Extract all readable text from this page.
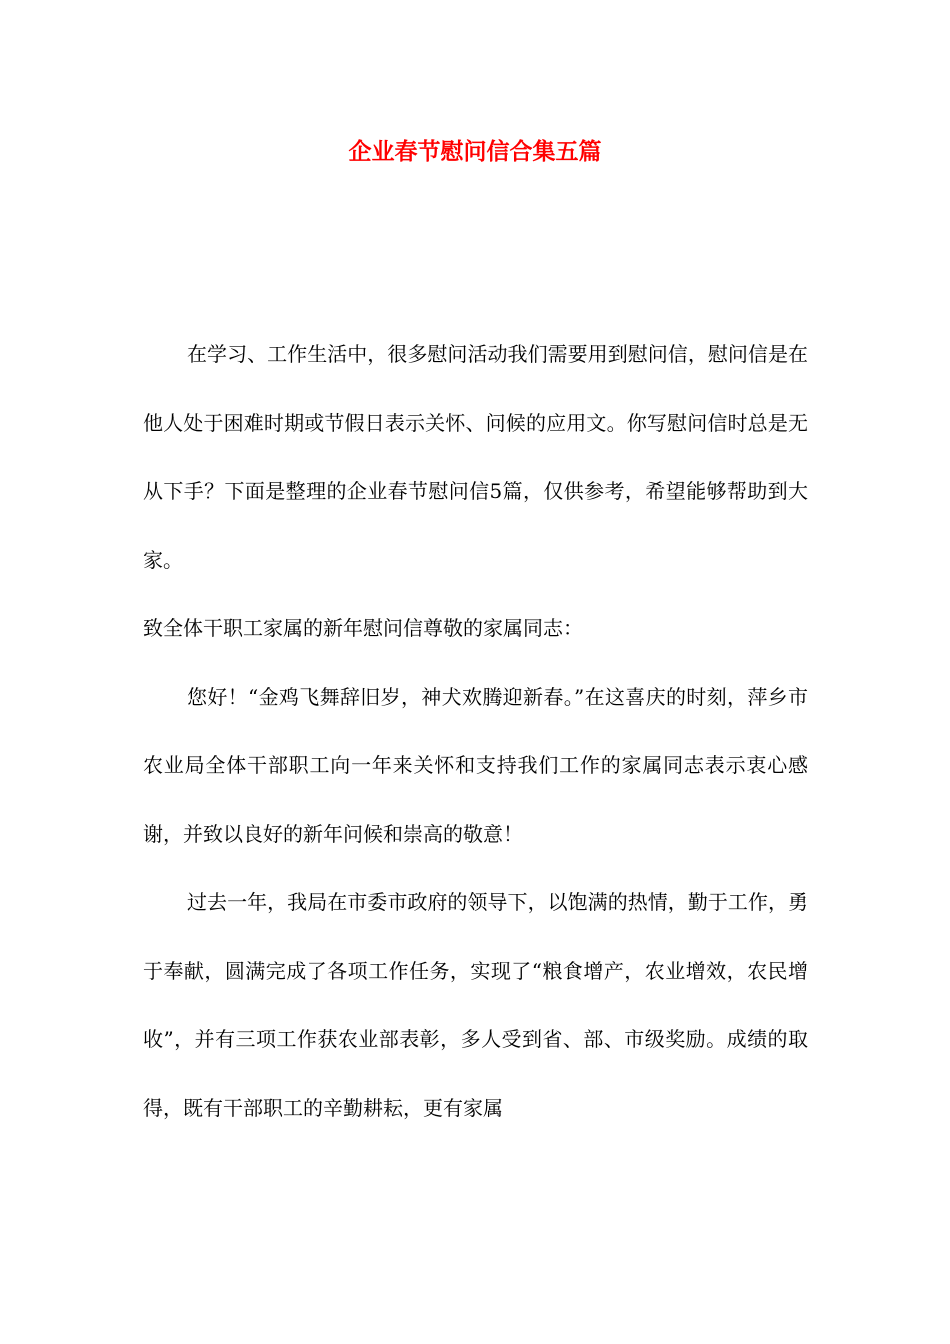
企业春节慰问信合集五篇

在学习、工作生活中，很多慰问活动我们需要用到慰问信，慰问信是在他人处于困难时期或节假日表示关怀、问候的应用文。你写慰问信时总是无从下手？下面是整理的企业春节慰问信5篇，仅供参考，希望能够帮助到大家。

致全体干职工家属的新年慰问信尊敬的家属同志：

您好！“金鸡飞舞辞旧岁，神犬欢腾迎新春。”在这喜庆的时刻，萍乡市农业局全体干部职工向一年来关怀和支持我们工作的家属同志表示衷心感谢，并致以良好的新年问候和崇高的敬意！

过去一年，我局在市委市政府的领导下，以饱满的热情，勤于工作，勇于奉献，圆满完成了各项工作任务，实现了“粮食增产，农业增效，农民增收”，并有三项工作获农业部表彰，多人受到省、部、市级奖励。成绩的取得，既有干部职工的辛勤耕耘，更有家属
